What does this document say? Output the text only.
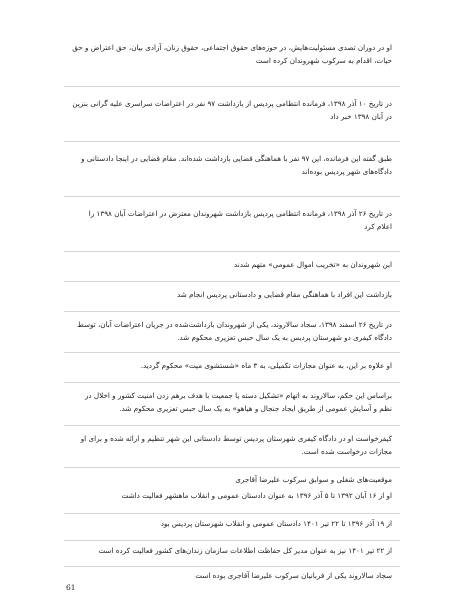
او در دوران تصدی مسئولیت‌هایش، در حوزه‌های حقوق اجتماعی، حقوق زنان، آزادی بیان، حق اعتراض و حق حیات، اقدام به سرکوب شهروندان کرده است

در تاریخ ۱۰ آذر ۱۳۹۸، فرمانده انتظامی پردیس از بازداشت ۹۷ نفر در اعتراضات سراسری علیه گرانی بنزین در آبان ۱۳۹۸ خبر داد

طبق گفته این فرمانده، این ۹۷ نفر با هماهنگی قضایی بازداشت شده‌اند. مقام قضایی در اینجا دادستانی و دادگاه‌های شهر پردیس بوده‌اند

در تاریخ ۲۶ آذر ۱۳۹۸، فرمانده انتظامی پردیس بازداشت شهروندان معترض در اعتراضات آبان ۱۳۹۸ را اعلام کرد

این شهروندان به «تخریب اموال عمومی» متهم شدند

بازداشت این افراد با هماهنگی مقام قضایی و دادستانی پردیس انجام شد

در تاریخ ۲۶ اسفند ۱۳۹۸، سجاد سالاروند، یکی از شهروندان بازداشت‌شده در جریان اعتراضات آبان، توسط دادگاه کیفری دو شهرستان پردیس به یک سال حبس تعزیری محکوم شد.

او علاوه بر این، به عنوان مجازات تکمیلی، به ۳ ماه «شستشوی میت» محکوم گردید.

براساس این حکم، سالاروند به اتهام «تشکیل دسته یا جمعیت با هدف برهم زدن امنیت کشور و اخلال در نظم و آسایش عمومی از طریق ایجاد جنجال و هیاهو» به یک سال حبس تعزیری محکوم شد.

کیفرخواست او در دادگاه کیفری شهرستان پردیس توسط دادستانی این شهر تنظیم و ارائه شده و برای او مجازات درخواست شده است.

موقعیت‌های شغلی و سوابق سرکوب علیرضا آقاجری

او از ۱۶ آبان ۱۳۹۲ تا ۵ آذر ۱۳۹۶ به عنوان دادستان عمومی و انقلاب ماهشهر فعالیت داشت

از ۱۹ آذر ۱۳۹۶ تا ۲۲ تیر ۱۴۰۱ دادستان عمومی و انقلاب شهرستان پردیس بود

از ۲۲ تیر ۱۴۰۱ نیز به عنوان مدیر کل حفاظت اطلاعات سازمان زندان‌های کشور فعالیت کرده است

سجاد سالاروند یکی از قربانیان سرکوب علیرضا آقاجری بوده است

61
